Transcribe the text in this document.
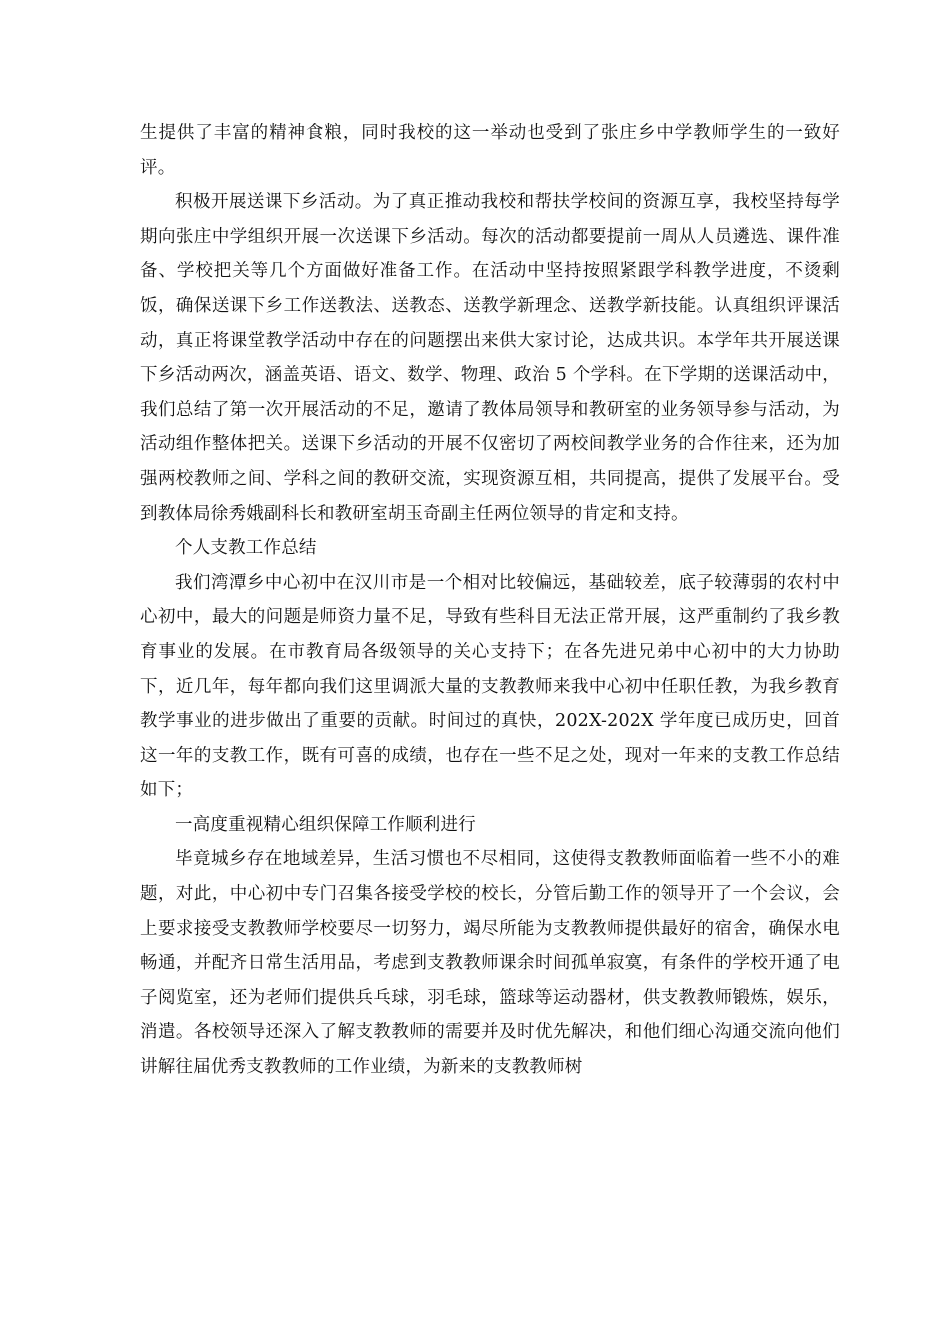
生提供了丰富的精神食粮，同时我校的这一举动也受到了张庄乡中学教师学生的一致好评。

积极开展送课下乡活动。为了真正推动我校和帮扶学校间的资源互享，我校坚持每学期向张庄中学组织开展一次送课下乡活动。每次的活动都要提前一周从人员遴选、课件准备、学校把关等几个方面做好准备工作。在活动中坚持按照紧跟学科教学进度，不烫剩饭，确保送课下乡工作送教法、送教态、送教学新理念、送教学新技能。认真组织评课活动，真正将课堂教学活动中存在的问题摆出来供大家讨论，达成共识。本学年共开展送课下乡活动两次，涵盖英语、语文、数学、物理、政治 5 个学科。在下学期的送课活动中，我们总结了第一次开展活动的不足，邀请了教体局领导和教研室的业务领导参与活动，为活动组作整体把关。送课下乡活动的开展不仅密切了两校间教学业务的合作往来，还为加强两校教师之间、学科之间的教研交流，实现资源互相，共同提高，提供了发展平台。受到教体局徐秀娥副科长和教研室胡玉奇副主任两位领导的肯定和支持。

个人支教工作总结

我们湾潭乡中心初中在汉川市是一个相对比较偏远，基础较差，底子较薄弱的农村中心初中，最大的问题是师资力量不足，导致有些科目无法正常开展，这严重制约了我乡教育事业的发展。在市教育局各级领导的关心支持下；在各先进兄弟中心初中的大力协助下，近几年，每年都向我们这里调派大量的支教教师来我中心初中任职任教，为我乡教育教学事业的进步做出了重要的贡献。时间过的真快，202X-202X 学年度已成历史，回首这一年的支教工作，既有可喜的成绩，也存在一些不足之处，现对一年来的支教工作总结如下；

一高度重视精心组织保障工作顺利进行

毕竟城乡存在地域差异，生活习惯也不尽相同，这使得支教教师面临着一些不小的难题，对此，中心初中专门召集各接受学校的校长，分管后勤工作的领导开了一个会议，会上要求接受支教教师学校要尽一切努力，竭尽所能为支教教师提供最好的宿舍，确保水电畅通，并配齐日常生活用品，考虑到支教教师课余时间孤单寂寞，有条件的学校开通了电子阅览室，还为老师们提供兵乓球，羽毛球，篮球等运动器材，供支教教师锻炼，娱乐，消遣。各校领导还深入了解支教教师的需要并及时优先解决，和他们细心沟通交流向他们讲解往届优秀支教教师的工作业绩，为新来的支教教师树
